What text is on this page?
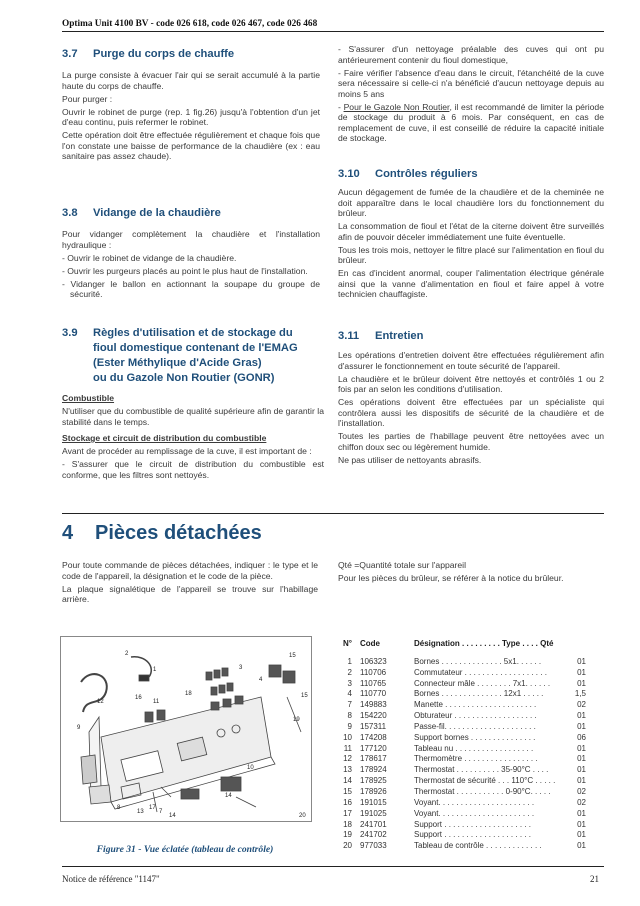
Optima Unit 4100 BV - code 026 618, code 026 467, code 026 468
3.7 Purge du corps de chauffe

La purge consiste à évacuer l'air qui se serait accumulé à la partie haute du corps de chauffe.

Pour purger :

Ouvrir le robinet de purge (rep. 1 fig.26) jusqu'à l'obtention d'un jet d'eau continu, puis refermer le robinet.

Cette opération doit être effectuée régulièrement et chaque fois que l'on constate une baisse de performance de la chaudière (ex : eau sanitaire pas assez chaude).

3.8 Vidange de la chaudière

Pour vidanger complètement la chaudière et l'installation hydraulique :

- Ouvrir le robinet de vidange de la chaudière.

- Ouvrir les purgeurs placés au point le plus haut de l'installation.

- Vidanger le ballon en actionnant la soupape du groupe de sécurité.

3.9 Règles d'utilisation et de stockage du
fioul domestique contenant de l'EMAG
(Ester Méthylique d'Acide Gras)
ou du Gazole Non Routier (GONR)

Combustible

N'utiliser que du combustible de qualité supérieure afin de garantir la stabilité dans le temps.

Stockage et circuit de distribution du combustible

Avant de procéder au remplissage de la cuve, il est important de :

- S'assurer que le circuit de distribution du combustible est conforme, que les filtres sont nettoyés.

- S'assurer d'un nettoyage préalable des cuves qui ont pu antérieurement contenir du fioul domestique,

- Faire vérifier l'absence d'eau dans le circuit, l'étanchéité de la cuve sera nécessaire si celle-ci n'a bénéficié d'aucun nettoyage depuis au moins 5 ans

- Pour le Gazole Non Routier, il est recommandé de limiter la période de stockage du produit à 6 mois. Par conséquent, en cas de remplacement de cuve, il est conseillé de réduire la capacité initiale de stockage.

3.10 Contrôles réguliers

Aucun dégagement de fumée de la chaudière et de la cheminée ne doit apparaître dans le local chaudière lors du fonctionnement du brûleur.

La consommation de fioul et l'état de la citerne doivent être surveillés afin de pouvoir déceler immédiatement une fuite éventuelle.

Tous les trois mois, nettoyer le filtre placé sur l'alimentation en fioul du brûleur.

En cas d'incident anormal, couper l'alimentation électrique générale ainsi que la vanne d'alimentation en fioul et faire appel à votre technicien chauffagiste.

3.11 Entretien

Les opérations d'entretien doivent être effectuées régulièrement afin d'assurer le fonctionnement en toute sécurité de l'appareil.

La chaudière et le brûleur doivent être nettoyés et contrôlés 1 ou 2 fois par an selon les conditions d'utilisation.

Ces opérations doivent être effectuées par un spécialiste qui contrôlera aussi les dispositifs de sécurité de la chaudière et de l'installation.

Toutes les parties de l'habillage peuvent être nettoyées avec un chiffon doux sec ou légèrement humide.

Ne pas utiliser de nettoyants abrasifs.

4 Pièces détachées

Pour toute commande de pièces détachées, indiquer : le type et le code de l'appareil, la désignation et le code de la pièce.

La plaque signalétique de l'appareil se trouve sur l'habillage arrière.

Qté =Quantité totale sur l'appareil

Pour les pièces du brûleur, se référer à la notice du brûleur.

2
1	3
15
15
4
18
16
11
12
9
10
19
8
13
17
7
14
14
20
Figure 31 - Vue éclatée (tableau de contrôle)
N° Code	Désignation . . . . . . . . . Type . . . . Qté
1 106323	Bornes . . . . . . . . . . . . . . 5x1. . . . . .	01
2 110706	Commutateur . . . . . . . . . . . . . . . . . . .	01
3 110765	Connecteur mâle . . . . . . . . 7x1. . . . . .	01
4 110770	Bornes . . . . . . . . . . . . . . 12x1 . . . . .	1,5
7 149883	Manette . . . . . . . . . . . . . . . . . . . . .	02
8 154220	Obturateur . . . . . . . . . . . . . . . . . . .	01
9 157311	Passe-fil. . . . . . . . . . . . . . . . . . . . .	01
10 174208	Support bornes . . . . . . . . . . . . . . .	06
11 177120	Tableau nu . . . . . . . . . . . . . . . . . .	01
12 178617	Thermomètre . . . . . . . . . . . . . . . . .	01
13 178924	Thermostat . . . . . . . . . . 35-90°C . . . .	01
14 178925	Thermostat de sécurité . . . 110°C . . . . .	01
15 178926	Thermostat . . . . . . . . . . . 0-90°C. . . . .	02
16 191015	Voyant. . . . . . . . . . . . . . . . . . . . . .	02
17 191025	Voyant. . . . . . . . . . . . . . . . . . . . . .	01
18 241701	Support . . . . . . . . . . . . . . . . . . . .	01
19 241702	Support . . . . . . . . . . . . . . . . . . . .	01
20 977033	Tableau de contrôle . . . . . . . . . . . . .	01
Notice de référence "1147"	21
